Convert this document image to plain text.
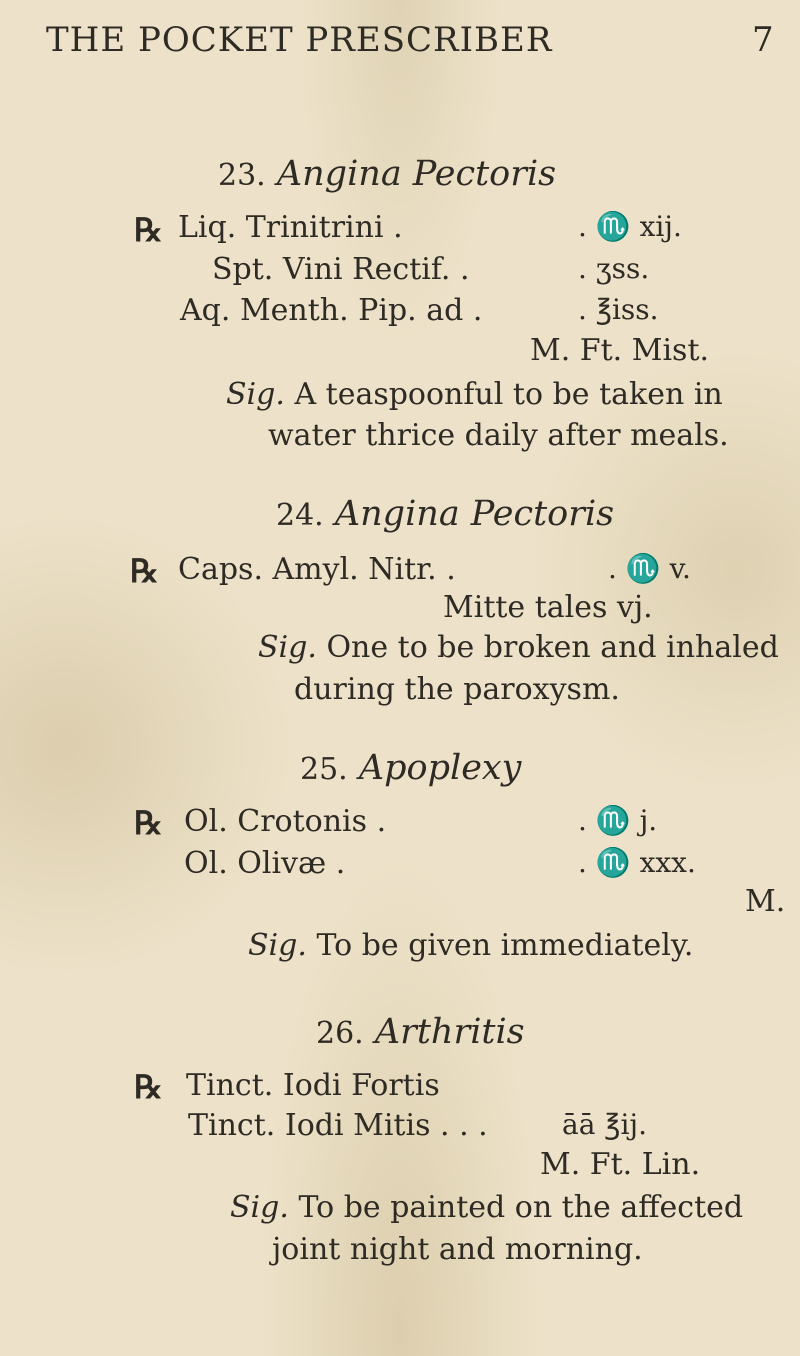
THE POCKET PRESCRIBER	7
23. Angina Pectoris
℞ Liq. Trinitrini .	. ♏ xij.
Spt. Vini Rectif. .	. ʒss.
Aq. Menth. Pip. ad .	. ℥iss.
M. Ft. Mist.
Sig. A teaspoonful to be taken in
water thrice daily after meals.
24. Angina Pectoris
℞ Caps. Amyl. Nitr. .	. ♏ v.
Mitte tales vj.
Sig. One to be broken and inhaled
during the paroxysm.
25. Apoplexy
℞ Ol. Crotonis .	. ♏ j.
Ol. Olivæ .	. ♏ xxx.
M.
Sig. To be given immediately.
26. Arthritis
℞ Tinct. Iodi Fortis
Tinct. Iodi Mitis . . .	āā ℥ij.
M. Ft. Lin.
Sig. To be painted on the affected
joint night and morning.
